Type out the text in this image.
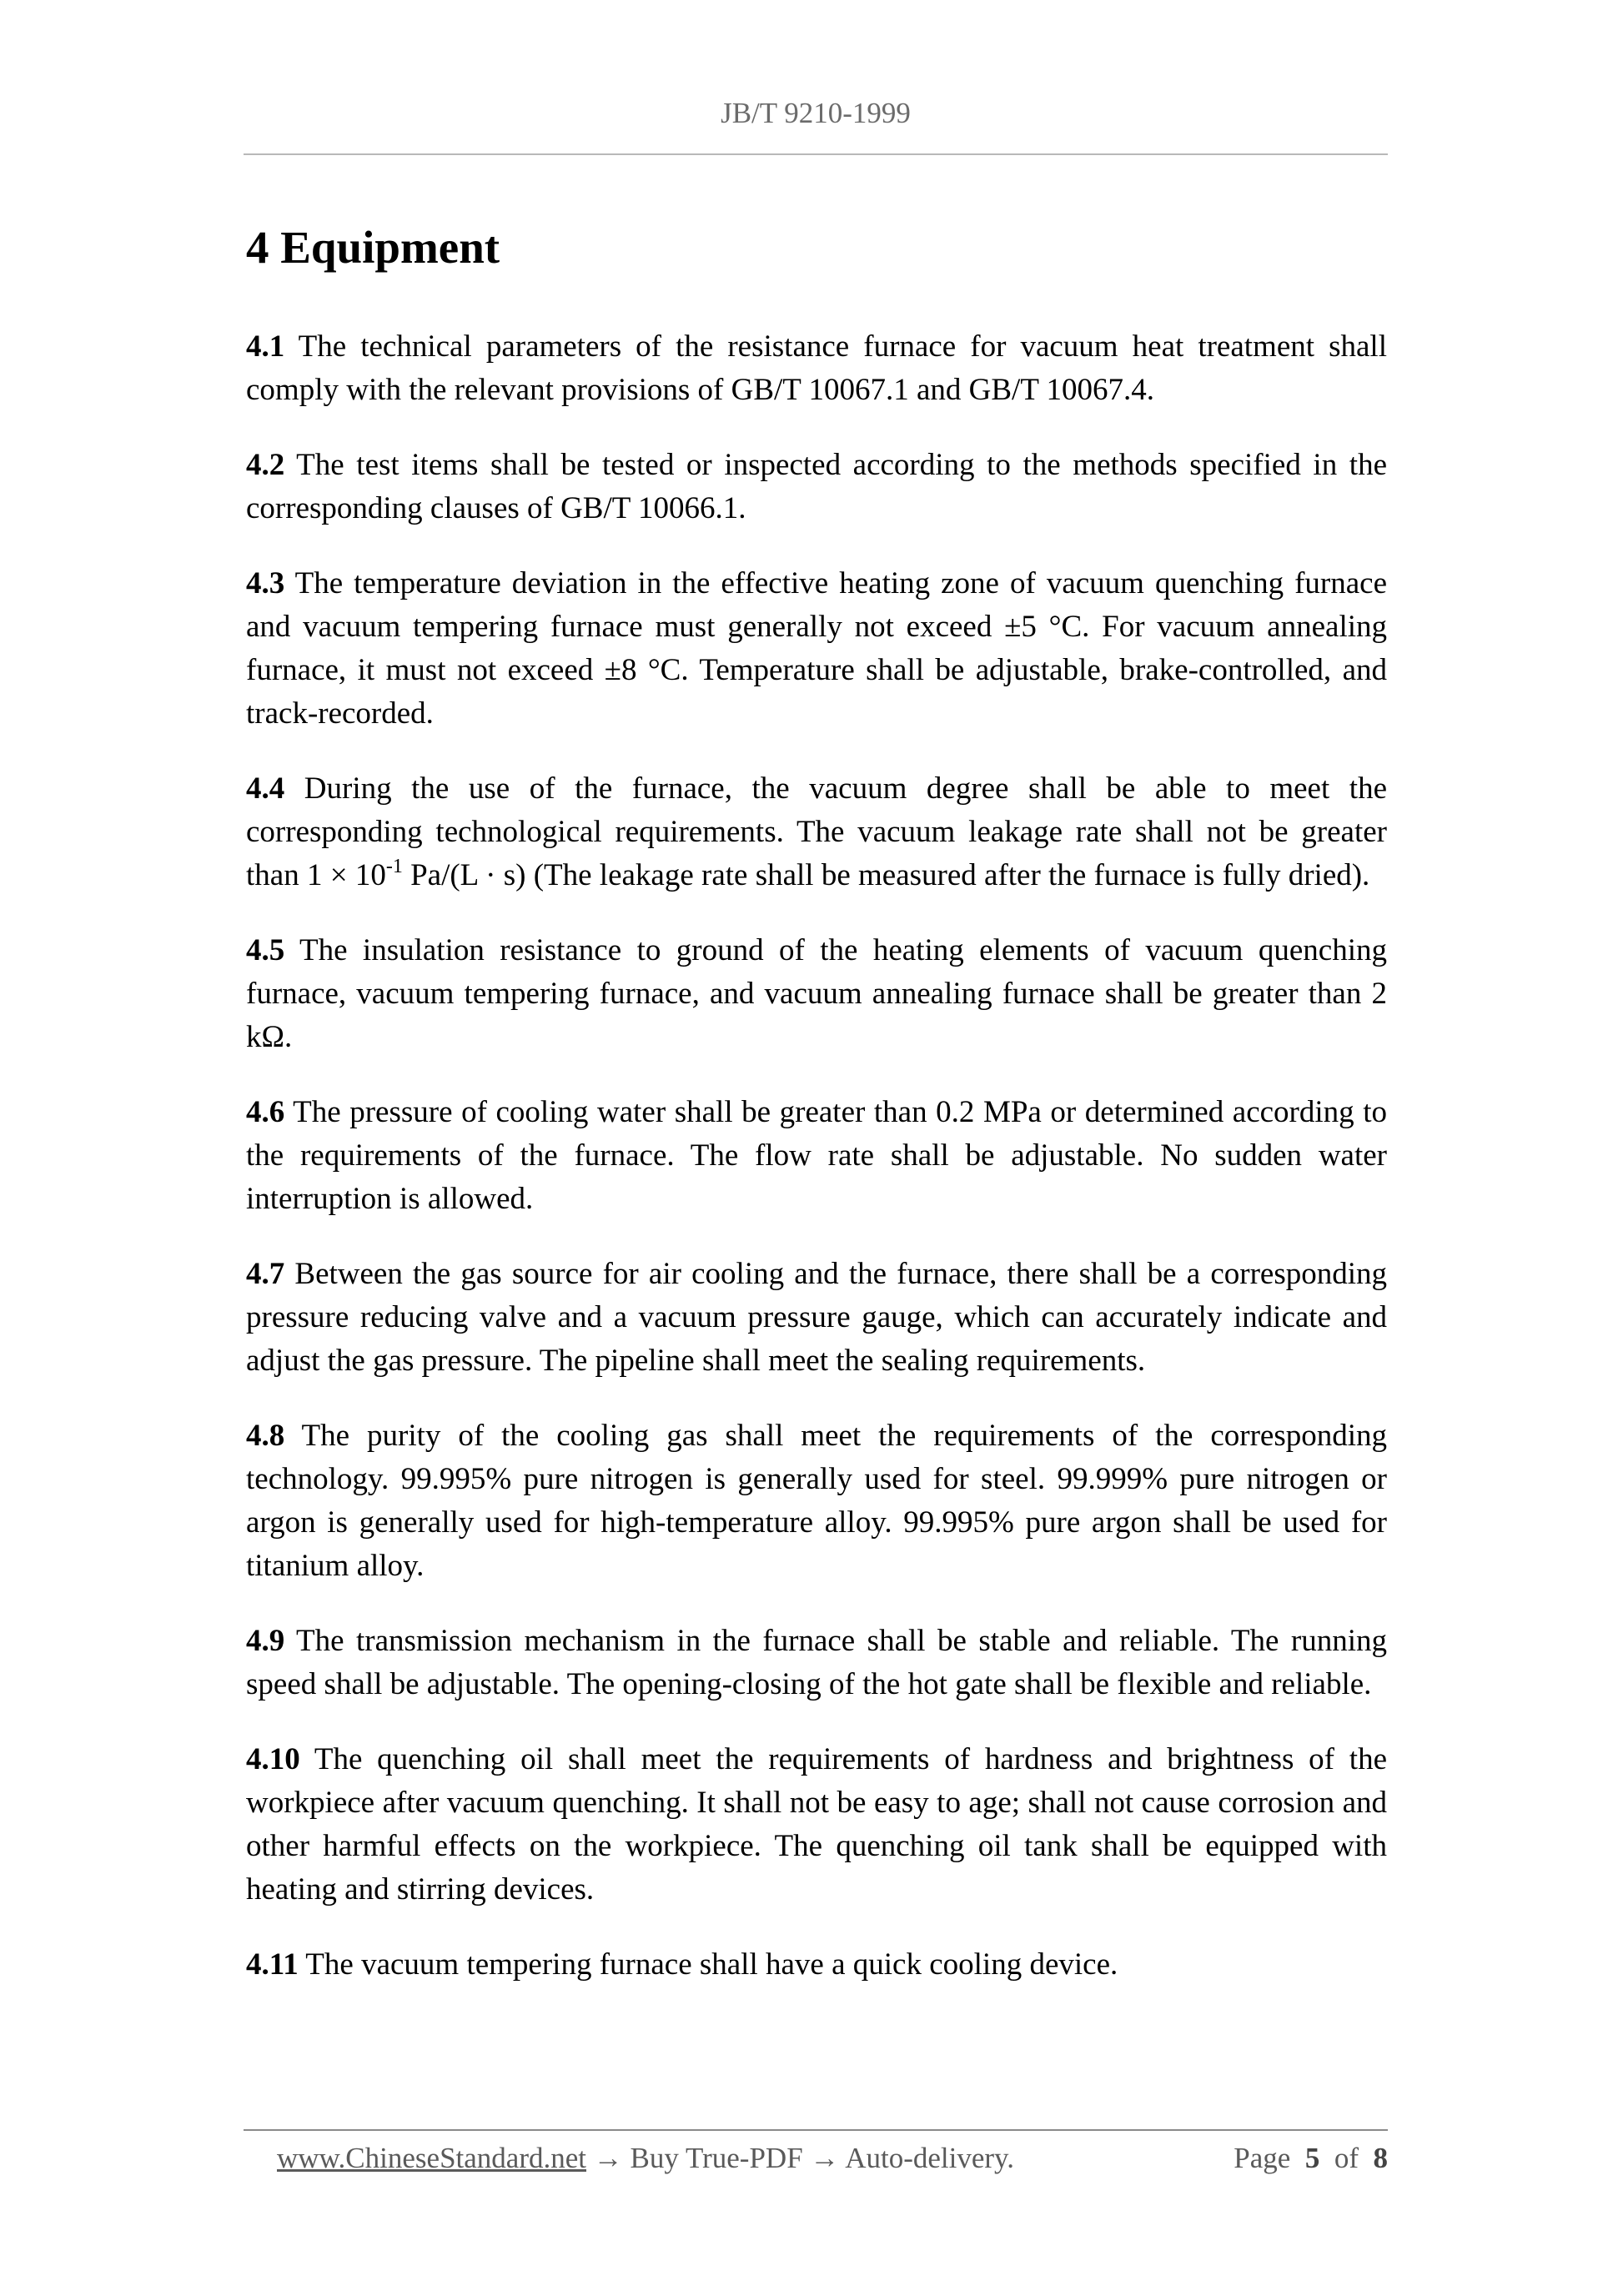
JB/T 9210-1999
4 Equipment

4.1 The technical parameters of the resistance furnace for vacuum heat treatment shall comply with the relevant provisions of GB/T 10067.1 and GB/T 10067.4.

4.2 The test items shall be tested or inspected according to the methods specified in the corresponding clauses of GB/T 10066.1.

4.3 The temperature deviation in the effective heating zone of vacuum quenching furnace and vacuum tempering furnace must generally not exceed ±5 °C. For vacuum annealing furnace, it must not exceed ±8 °C. Temperature shall be adjustable, brake-controlled, and track-recorded.

4.4 During the use of the furnace, the vacuum degree shall be able to meet the corresponding technological requirements. The vacuum leakage rate shall not be greater than $1 \times 10^{-1}$ Pa/(L · s) (The leakage rate shall be measured after the furnace is fully dried).

4.5 The insulation resistance to ground of the heating elements of vacuum quenching furnace, vacuum tempering furnace, and vacuum annealing furnace shall be greater than 2 kΩ.

4.6 The pressure of cooling water shall be greater than 0.2 MPa or determined according to the requirements of the furnace. The flow rate shall be adjustable. No sudden water interruption is allowed.

4.7 Between the gas source for air cooling and the furnace, there shall be a corresponding pressure reducing valve and a vacuum pressure gauge, which can accurately indicate and adjust the gas pressure. The pipeline shall meet the sealing requirements.

4.8 The purity of the cooling gas shall meet the requirements of the corresponding technology. 99.995% pure nitrogen is generally used for steel. 99.999% pure nitrogen or argon is generally used for high-temperature alloy. 99.995% pure argon shall be used for titanium alloy.

4.9 The transmission mechanism in the furnace shall be stable and reliable. The running speed shall be adjustable. The opening-closing of the hot gate shall be flexible and reliable.

4.10 The quenching oil shall meet the requirements of hardness and brightness of the workpiece after vacuum quenching. It shall not be easy to age; shall not cause corrosion and other harmful effects on the workpiece. The quenching oil tank shall be equipped with heating and stirring devices.

4.11 The vacuum tempering furnace shall have a quick cooling device.

www.ChineseStandard.net → Buy True-PDF → Auto-delivery.	Page 5 of 8
